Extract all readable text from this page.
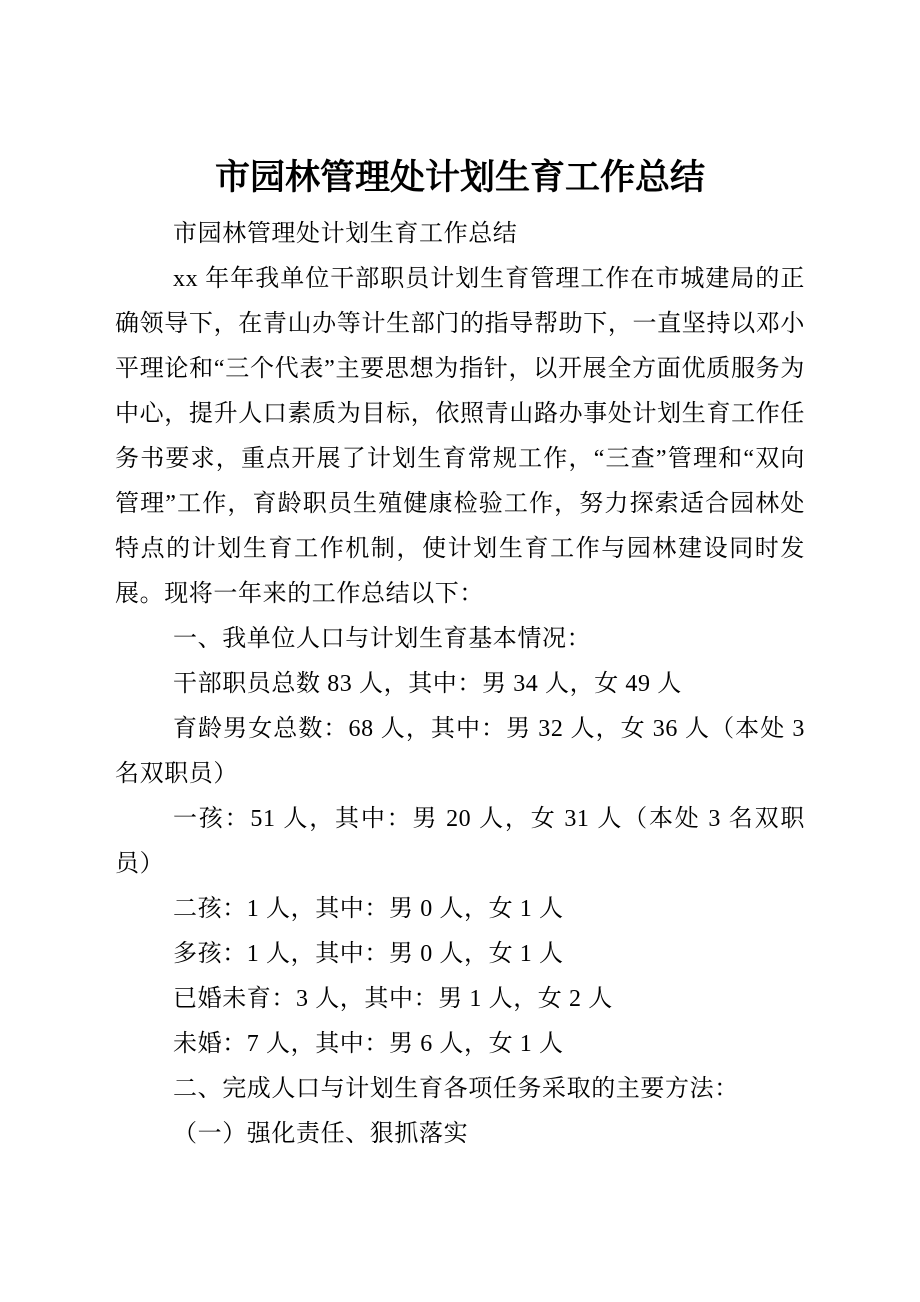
市园林管理处计划生育工作总结

市园林管理处计划生育工作总结

xx 年年我单位干部职员计划生育管理工作在市城建局的正确领导下，在青山办等计生部门的指导帮助下，一直坚持以邓小平理论和“三个代表”主要思想为指针，以开展全方面优质服务为中心，提升人口素质为目标，依照青山路办事处计划生育工作任务书要求，重点开展了计划生育常规工作，“三查”管理和“双向管理”工作，育龄职员生殖健康检验工作，努力探索适合园林处特点的计划生育工作机制，使计划生育工作与园林建设同时发展。现将一年来的工作总结以下：

一、我单位人口与计划生育基本情况：

干部职员总数 83 人，其中：男 34 人，女 49 人

育龄男女总数：68 人，其中：男 32 人，女 36 人（本处 3 名双职员）

一孩：51 人，其中：男 20 人，女 31 人（本处 3 名双职员）

二孩：1 人，其中：男 0 人，女 1 人

多孩：1 人，其中：男 0 人，女 1 人

已婚未育：3 人，其中：男 1 人，女 2 人

未婚：7 人，其中：男 6 人，女 1 人

二、完成人口与计划生育各项任务采取的主要方法：

（一）强化责任、狠抓落实
